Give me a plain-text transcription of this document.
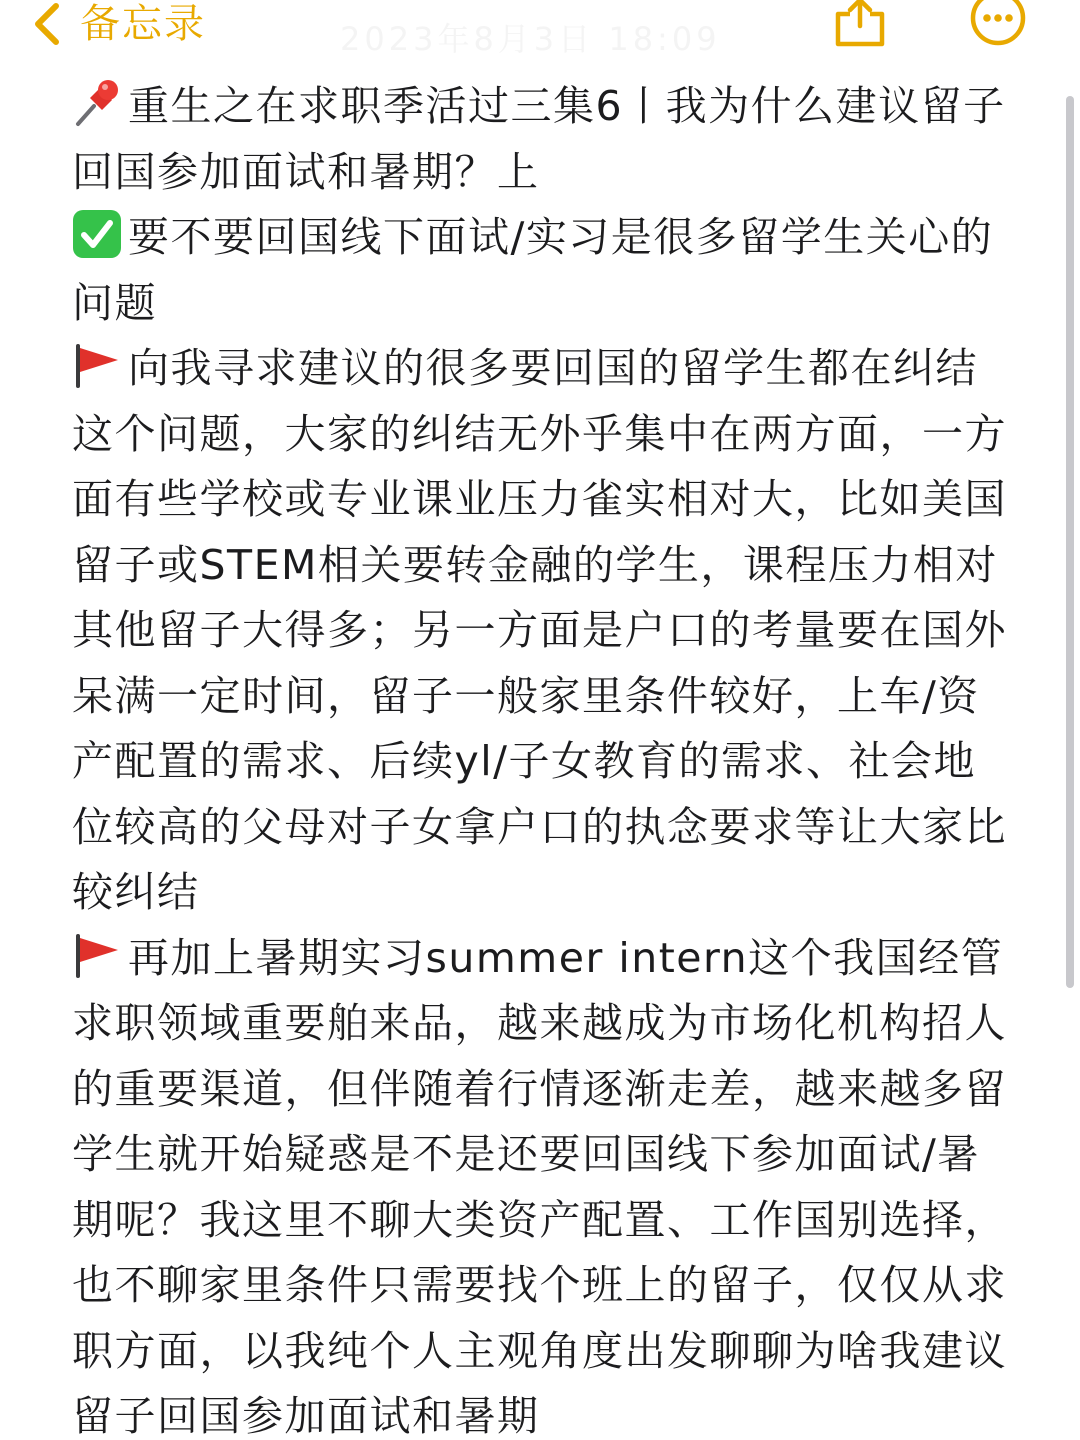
2023年8月3日 18:09
备忘录

重生之在求职季活过三集6丨我为什么建议留子回国参加面试和暑期？上

要不要回国线下面试/实习是很多留学生关心的问题

向我寻求建议的很多要回国的留学生都在纠结这个问题，大家的纠结无外乎集中在两方面，一方面有些学校或专业课业压力雀实相对大，比如美国留子或STEM相关要转金融的学生，课程压力相对其他留子大得多；另一方面是户口的考量要在国外呆满一定时间，留子一般家里条件较好，上车/资产配置的需求、后续yl/子女教育的需求、社会地位较高的父母对子女拿户口的执念要求等让大家比较纠结

再加上暑期实习summer intern这个我国经管求职领域重要舶来品，越来越成为市场化机构招人的重要渠道，但伴随着行情逐渐走差，越来越多留学生就开始疑惑是不是还要回国线下参加面试/暑期呢？我这里不聊大类资产配置、工作国别选择，也不聊家里条件只需要找个班上的留子，仅仅从求职方面，以我纯个人主观角度出发聊聊为啥我建议留子回国参加面试和暑期
